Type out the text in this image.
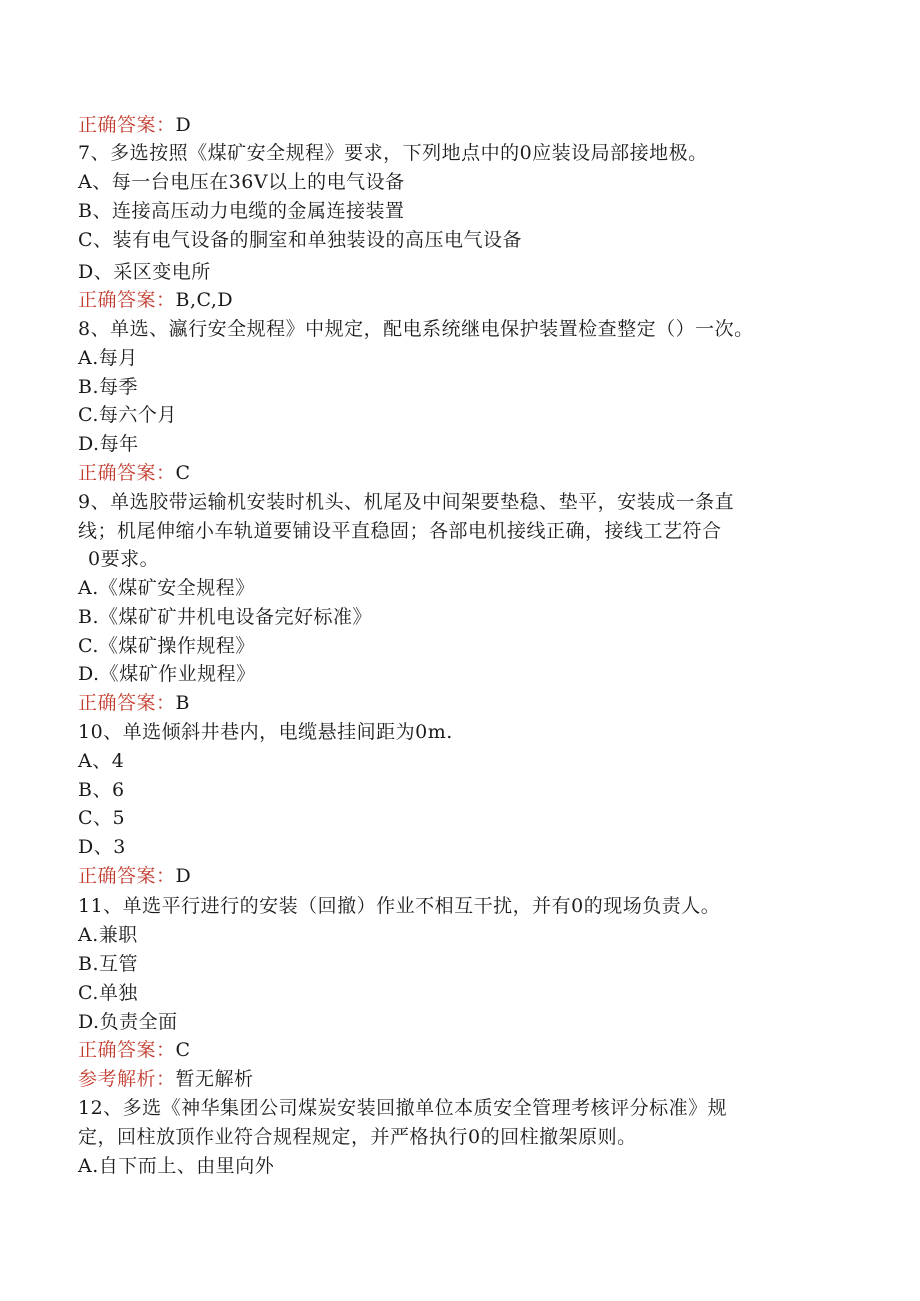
正确答案：D
7、多选按照《煤矿安全规程》要求，下列地点中的0应装设局部接地极。
A、每一台电压在36V以上的电气设备
B、连接高压动力电缆的金属连接装置
C、装有电气设备的胴室和单独装设的高压电气设备
D、采区变电所
正确答案：B,C,D
8、单选、瀛行安全规程》中规定，配电系统继电保护装置检查整定（）一次。
A.每月
B.每季
C.每六个月
D.每年
正确答案：C
9、单选胶带运输机安装时机头、机尾及中间架要垫稳、垫平，安装成一条直
线；机尾伸缩小车轨道要铺设平直稳固；各部电机接线正确，接线工艺符合
0要求。
A.《煤矿安全规程》
B.《煤矿矿井机电设备完好标准》
C.《煤矿操作规程》
D.《煤矿作业规程》
正确答案：B
10、单选倾斜井巷内，电缆悬挂间距为0m.
A、4
B、6
C、5
D、3
正确答案：D
11、单选平行进行的安装（回撤）作业不相互干扰，并有0的现场负责人。
A.兼职
B.互管
C.单独
D.负责全面
正确答案：C
参考解析：暂无解析
12、多选《神华集团公司煤炭安装回撤单位本质安全管理考核评分标准》规
定，回柱放顶作业符合规程规定，并严格执行0的回柱撤架原则。
A.自下而上、由里向外
